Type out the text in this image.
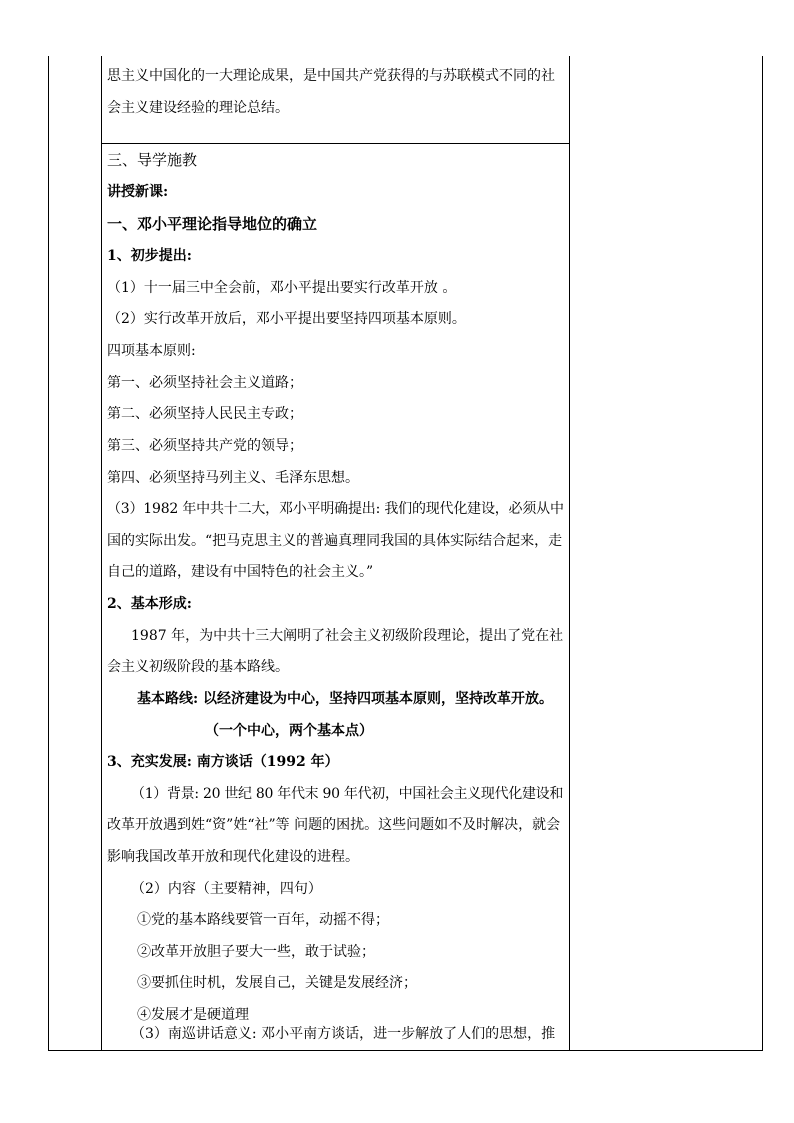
思主义中国化的一大理论成果，是中国共产党获得的与苏联模式不同的社
会主义建设经验的理论总结。
三、导学施教
讲授新课:
一、邓小平理论指导地位的确立
1、初步提出:
（1）十一届三中全会前，邓小平提出要实行改革开放 。
（2）实行改革开放后，邓小平提出要坚持四项基本原则。
四项基本原则:
第一、必须坚持社会主义道路；
第二、必须坚持人民民主专政；
第三、必须坚持共产党的领导；
第四、必须坚持马列主义、毛泽东思想。
（3）1982 年中共十二大，邓小平明确提出: 我们的现代化建设，必须从中
国的实际出发。“把马克思主义的普遍真理同我国的具体实际结合起来，走
自己的道路，建设有中国特色的社会主义。”
2、基本形成:
1987 年，为中共十三大阐明了社会主义初级阶段理论，提出了党在社
会主义初级阶段的基本路线。
基本路线: 以经济建设为中心，坚持四项基本原则，坚持改革开放。
（一个中心，两个基本点）
3、充实发展: 南方谈话（1992 年）
（1）背景: 20 世纪 80 年代末 90 年代初，中国社会主义现代化建设和
改革开放遇到姓“资”姓“社”等 问题的困扰。这些问题如不及时解决，就会
影响我国改革开放和现代化建设的进程。
（2）内容（主要精神，四句）
①党的基本路线要管一百年，动摇不得；
②改革开放胆子要大一些，敢于试验；
③要抓住时机，发展自己，关键是发展经济；
④发展才是硬道理
（3）南巡讲话意义: 邓小平南方谈话，进一步解放了人们的思想，推
